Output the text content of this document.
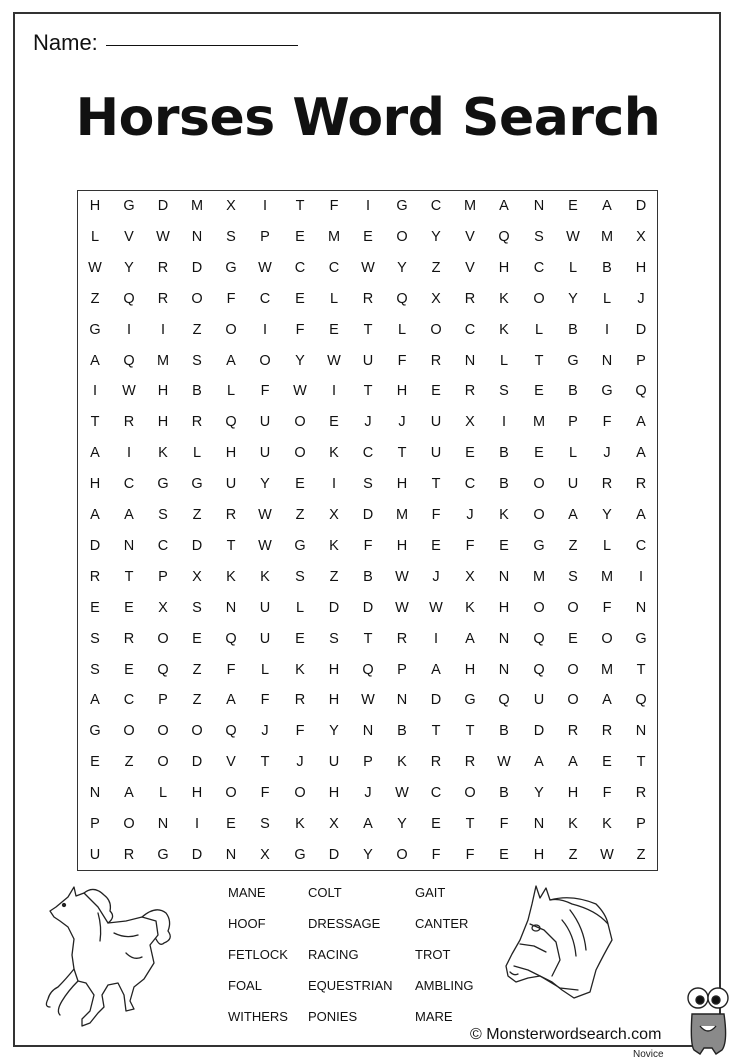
Name:
Horses Word Search
H	G	D	M	X	I	T	F	I	G	C	M	A	N	E	A	D
L	V	W	N	S	P	E	M	E	O	Y	V	Q	S	W	M	X
W	Y	R	D	G	W	C	C	W	Y	Z	V	H	C	L	B	H
Z	Q	R	O	F	C	E	L	R	Q	X	R	K	O	Y	L	J
G	I	I	Z	O	I	F	E	T	L	O	C	K	L	B	I	D
A	Q	M	S	A	O	Y	W	U	F	R	N	L	T	G	N	P
I	W	H	B	L	F	W	I	T	H	E	R	S	E	B	G	Q
T	R	H	R	Q	U	O	E	J	J	U	X	I	M	P	F	A
A	I	K	L	H	U	O	K	C	T	U	E	B	E	L	J	A
H	C	G	G	U	Y	E	I	S	H	T	C	B	O	U	R	R
A	A	S	Z	R	W	Z	X	D	M	F	J	K	O	A	Y	A
D	N	C	D	T	W	G	K	F	H	E	F	E	G	Z	L	C
R	T	P	X	K	K	S	Z	B	W	J	X	N	M	S	M	I
E	E	X	S	N	U	L	D	D	W	W	K	H	O	O	F	N
S	R	O	E	Q	U	E	S	T	R	I	A	N	Q	E	O	G
S	E	Q	Z	F	L	K	H	Q	P	A	H	N	Q	O	M	T
A	C	P	Z	A	F	R	H	W	N	D	G	Q	U	O	A	Q
G	O	O	O	Q	J	F	Y	N	B	T	T	B	D	R	R	N
E	Z	O	D	V	T	J	U	P	K	R	R	W	A	A	E	T
N	A	L	H	O	F	O	H	J	W	C	O	B	Y	H	F	R
P	O	N	I	E	S	K	X	A	Y	E	T	F	N	K	K	P
U	R	G	D	N	X	G	D	Y	O	F	F	E	H	Z	W	Z
MANE
HOOF
FETLOCK
FOAL
WITHERS
COLT
DRESSAGE
RACING
EQUESTRIAN
PONIES
GAIT
CANTER
TROT
AMBLING
MARE
© Monsterwordsearch.com
Novice
